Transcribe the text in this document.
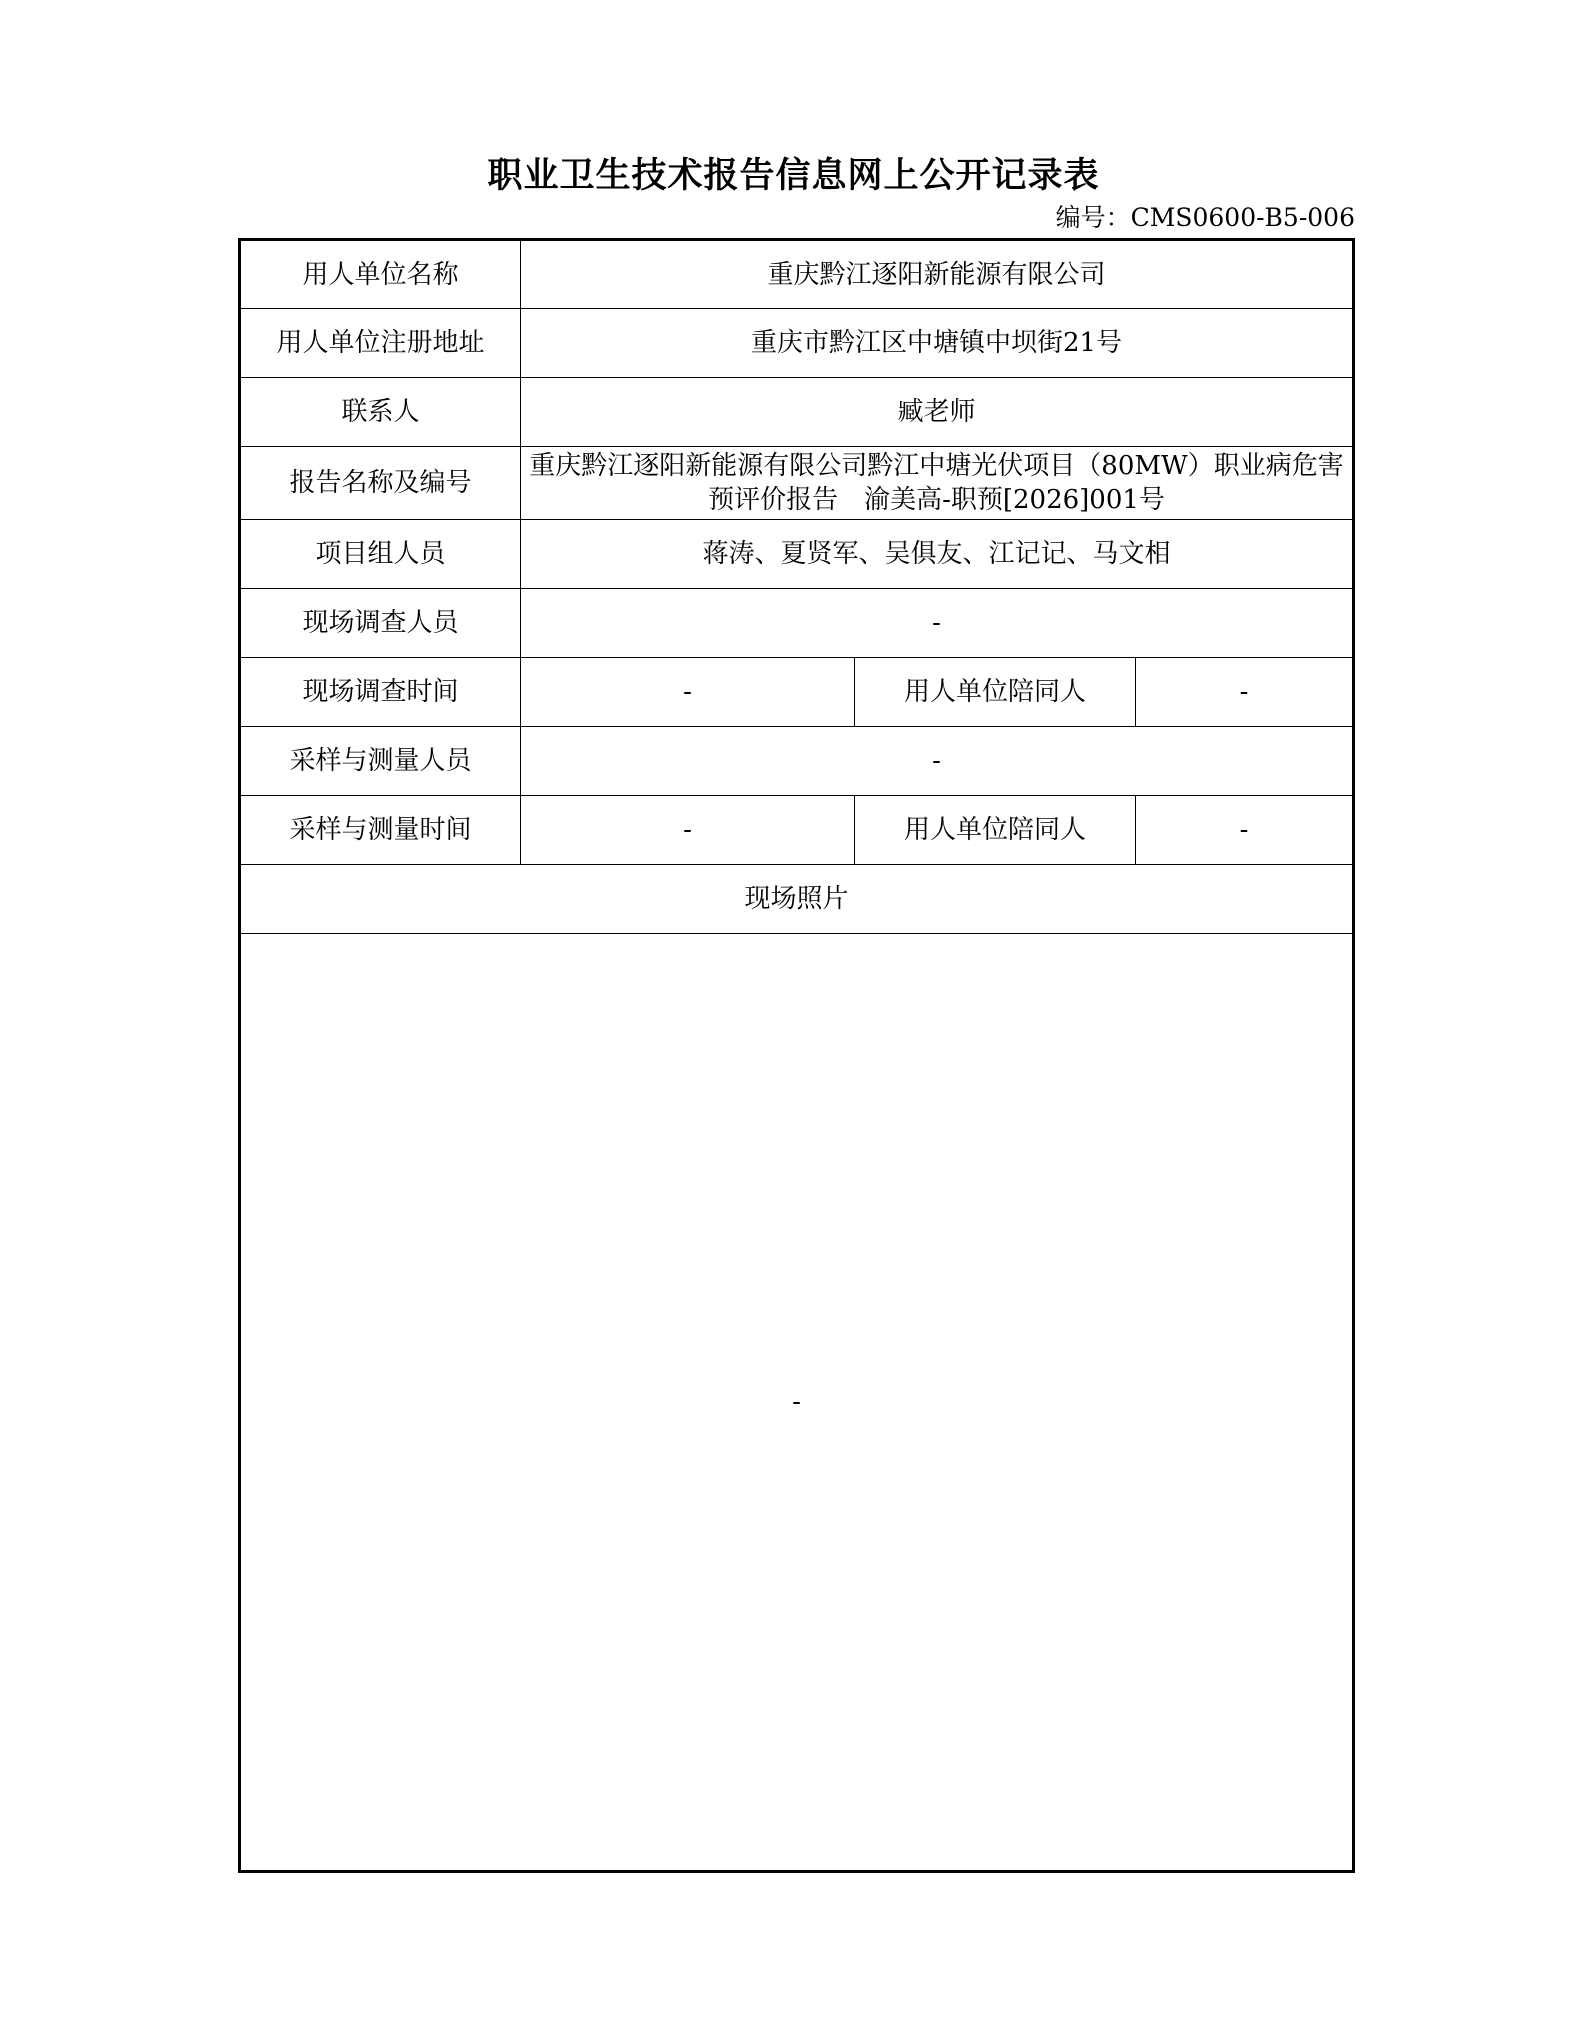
职业卫生技术报告信息网上公开记录表
编号：CMS0600-B5-006
用人单位名称	重庆黔江逐阳新能源有限公司		
用人单位注册地址	重庆市黔江区中塘镇中坝街21号		
联系人	臧老师		
报告名称及编号	重庆黔江逐阳新能源有限公司黔江中塘光伏项目（80MW）职业病危害
预评价报告　渝美高-职预[2026]001号		

项目组人员	蒋涛、夏贤军、吴俱友、江记记、马文相		
现场调查人员	-		
现场调查时间	-	用人单位陪同人	-
采样与测量人员	-		
采样与测量时间	-	用人单位陪同人	-
现场照片			
-			
